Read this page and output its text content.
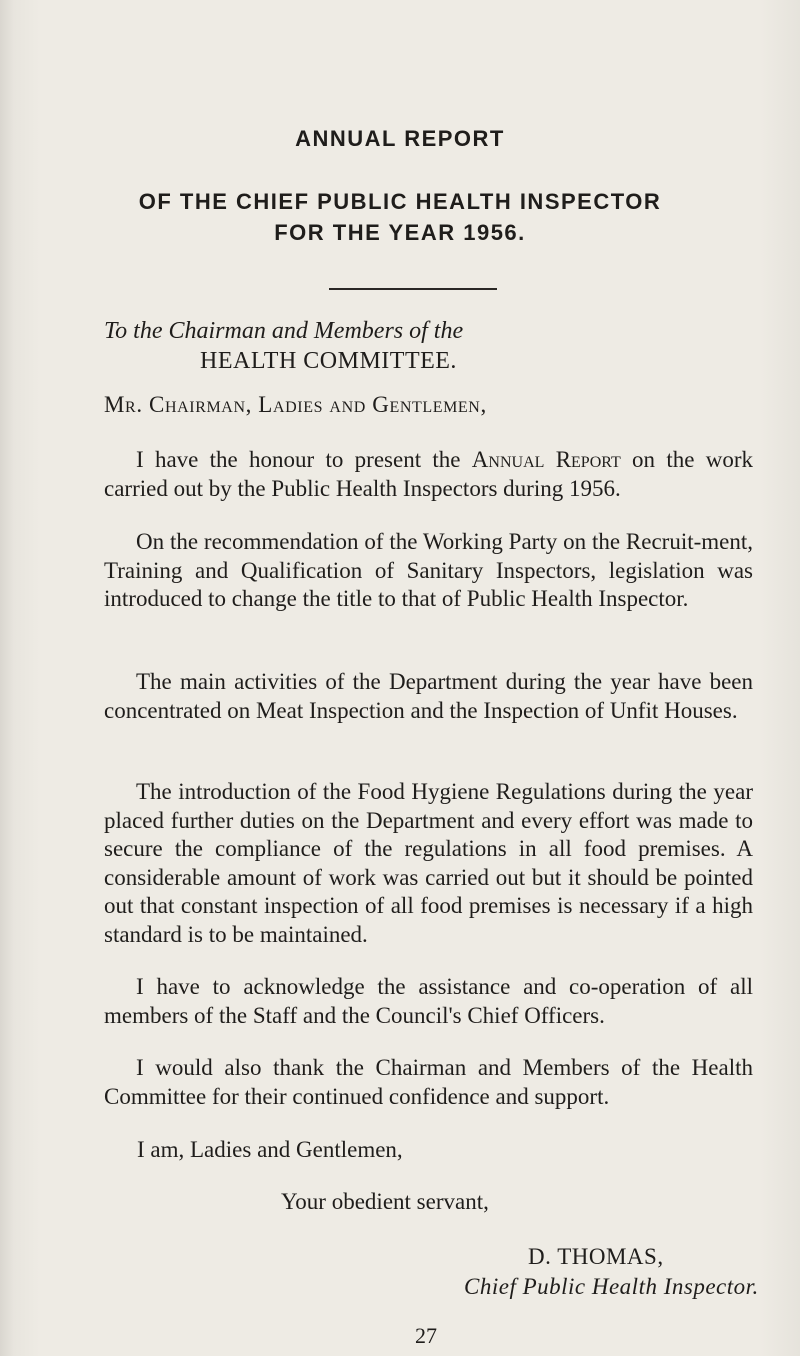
ANNUAL REPORT
OF THE CHIEF PUBLIC HEALTH INSPECTOR
FOR THE YEAR 1956.
To the Chairman and Members of the
HEALTH COMMITTEE.
Mr. Chairman, Ladies and Gentlemen,
I have the honour to present the Annual Report on the work carried out by the Public Health Inspectors during 1956.
On the recommendation of the Working Party on the Recruit-ment, Training and Qualification of Sanitary Inspectors, legislation was introduced to change the title to that of Public Health Inspector.
The main activities of the Department during the year have been concentrated on Meat Inspection and the Inspection of Unfit Houses.
The introduction of the Food Hygiene Regulations during the year placed further duties on the Department and every effort was made to secure the compliance of the regulations in all food premises. A considerable amount of work was carried out but it should be pointed out that constant inspection of all food premises is necessary if a high standard is to be maintained.
I have to acknowledge the assistance and co-operation of all members of the Staff and the Council's Chief Officers.
I would also thank the Chairman and Members of the Health Committee for their continued confidence and support.
I am, Ladies and Gentlemen,
Your obedient servant,
D. THOMAS,
Chief Public Health Inspector.
27
